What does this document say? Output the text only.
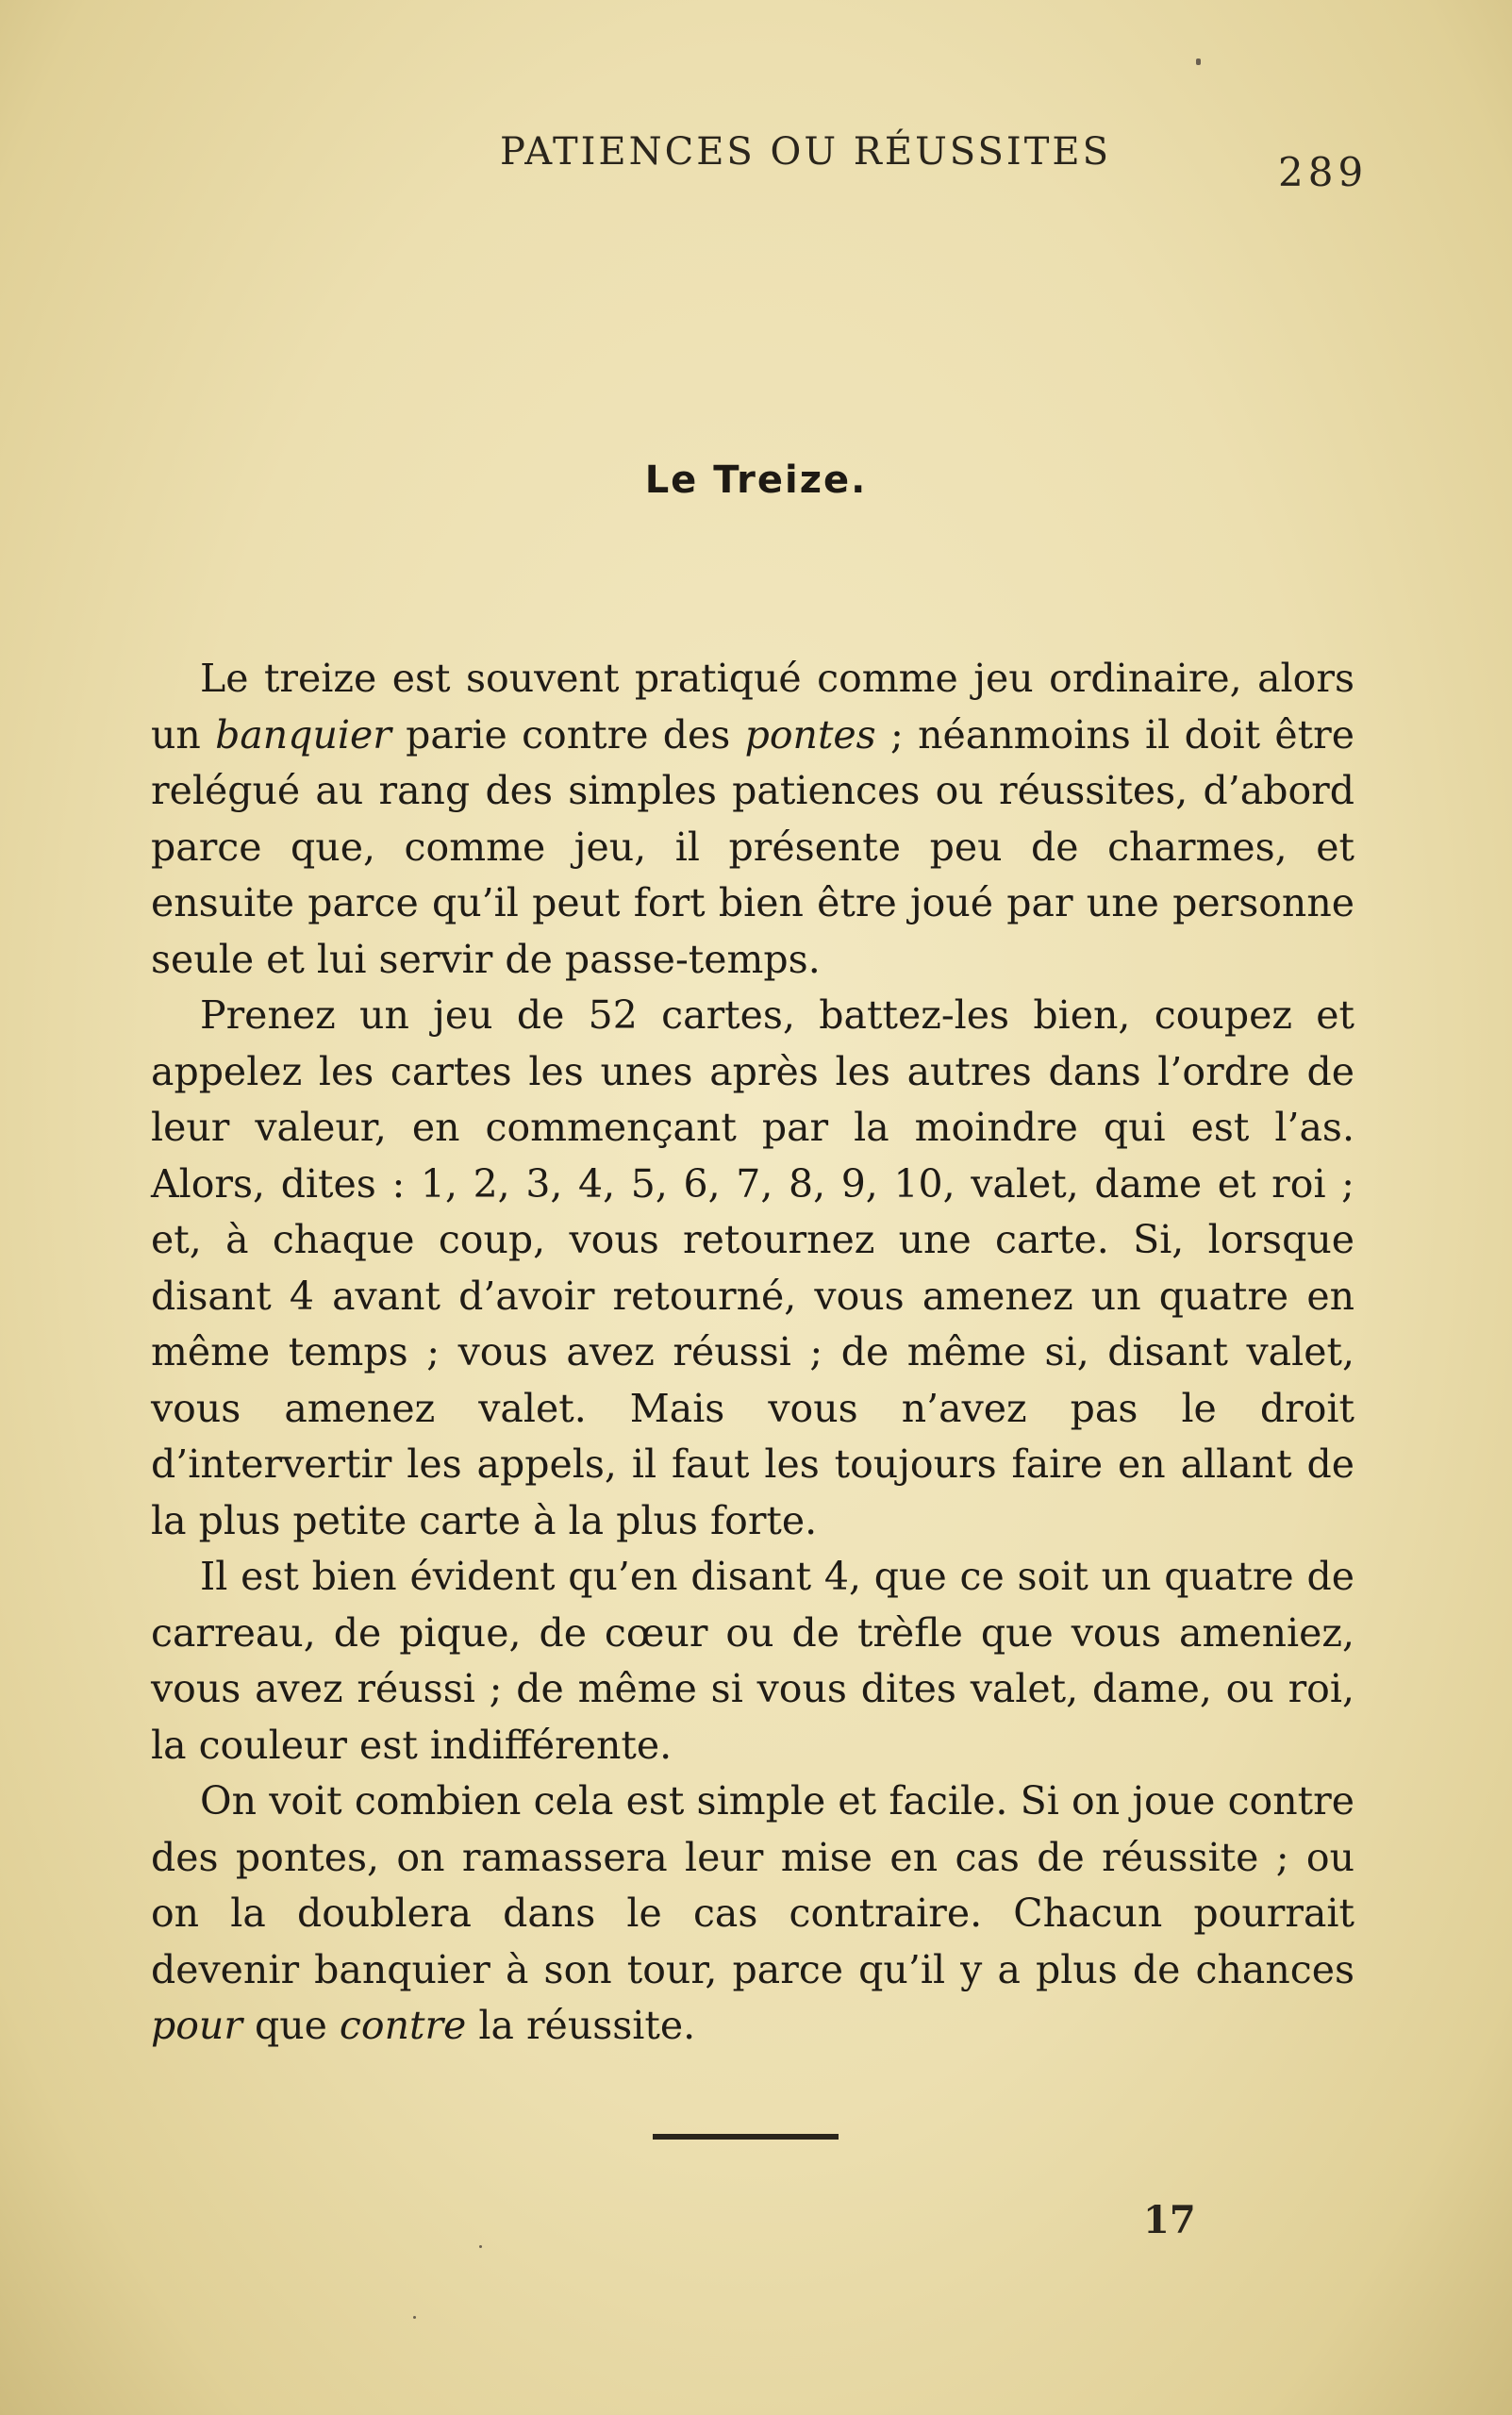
PATIENCES OU RÉUSSITES	289
Le Treize.

Le treize est souvent pratiqué comme jeu ordinaire, alors un banquier parie contre des pontes ; néanmoins il doit être relégué au rang des simples patiences ou réussites, d’abord parce que, comme jeu, il présente peu de charmes, et ensuite parce qu’il peut fort bien être joué par une personne seule et lui servir de passe-temps.

Prenez un jeu de 52 cartes, battez-les bien, coupez et appelez les cartes les unes après les autres dans l’ordre de leur valeur, en commençant par la moindre qui est l’as. Alors, dites : 1, 2, 3, 4, 5, 6, 7, 8, 9, 10, valet, dame et roi ; et, à chaque coup, vous retournez une carte. Si, lorsque disant 4 avant d’avoir retourné, vous amenez un quatre en même temps ; vous avez réussi ; de même si, disant valet, vous amenez valet. Mais vous n’avez pas le droit d’intervertir les appels, il faut les toujours faire en allant de la plus petite carte à la plus forte.

Il est bien évident qu’en disant 4, que ce soit un quatre de carreau, de pique, de cœur ou de trèfle que vous ameniez, vous avez réussi ; de même si vous dites valet, dame, ou roi, la couleur est indifférente.

On voit combien cela est simple et facile. Si on joue contre des pontes, on ramassera leur mise en cas de réussite ; ou on la doublera dans le cas contraire. Chacun pourrait devenir banquier à son tour, parce qu’il y a plus de chances pour que contre la réussite.

17
